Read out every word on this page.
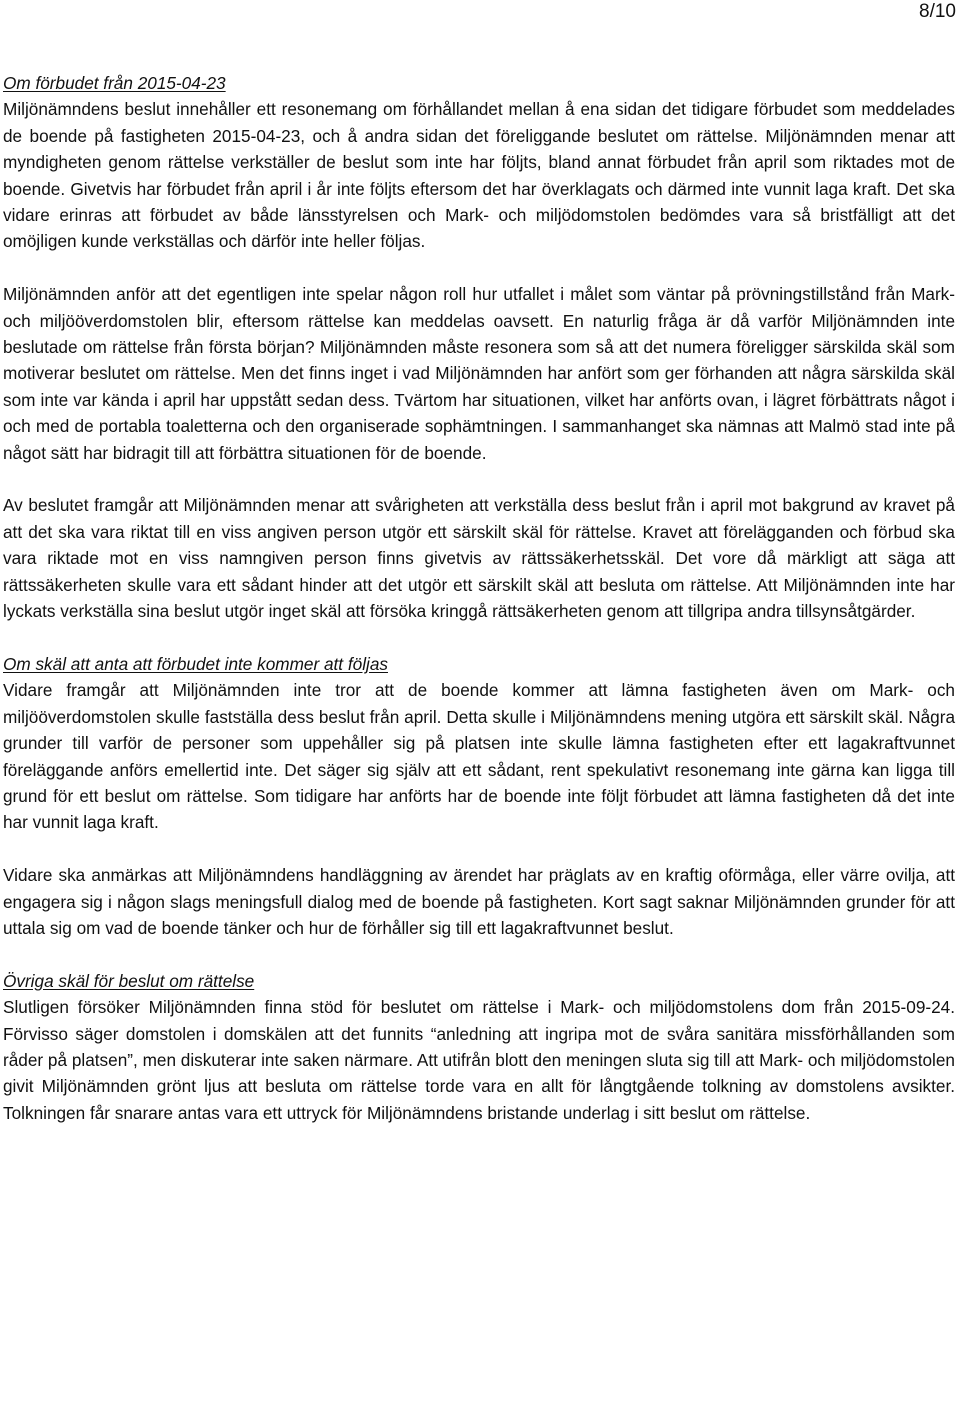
8/10
Om förbudet från 2015-04-23

Miljönämndens beslut innehåller ett resonemang om förhållandet mellan å ena sidan det tidigare förbudet som meddelades de boende på fastigheten 2015-04-23, och å andra sidan det föreliggande beslutet om rättelse. Miljönämnden menar att myndigheten genom rättelse verkställer de beslut som inte har följts, bland annat förbudet från april som riktades mot de boende. Givetvis har förbudet från april i år inte följts eftersom det har överklagats och därmed inte vunnit laga kraft. Det ska vidare erinras att förbudet av både länsstyrelsen och Mark- och miljödomstolen bedömdes vara så bristfälligt att det omöjligen kunde verkställas och därför inte heller följas.

Miljönämnden anför att det egentligen inte spelar någon roll hur utfallet i målet som väntar på prövningstillstånd från Mark- och miljööverdomstolen blir, eftersom rättelse kan meddelas oavsett. En naturlig fråga är då varför Miljönämnden inte beslutade om rättelse från första början? Miljönämnden måste resonera som så att det numera föreligger särskilda skäl som motiverar beslutet om rättelse. Men det finns inget i vad Miljönämnden har anfört som ger förhanden att några särskilda skäl som inte var kända i april har uppstått sedan dess. Tvärtom har situationen, vilket har anförts ovan, i lägret förbättrats något i och med de portabla toaletterna och den organiserade sophämtningen. I sammanhanget ska nämnas att Malmö stad inte på något sätt har bidragit till att förbättra situationen för de boende.

Av beslutet framgår att Miljönämnden menar att svårigheten att verkställa dess beslut från i april mot bakgrund av kravet på att det ska vara riktat till en viss angiven person utgör ett särskilt skäl för rättelse. Kravet att förelägganden och förbud ska vara riktade mot en viss namngiven person finns givetvis av rättssäkerhetsskäl. Det vore då märkligt att säga att rättssäkerheten skulle vara ett sådant hinder att det utgör ett särskilt skäl att besluta om rättelse. Att Miljönämnden inte har lyckats verkställa sina beslut utgör inget skäl att försöka kringgå rättsäkerheten genom att tillgripa andra tillsynsåtgärder.

Om skäl att anta att förbudet inte kommer att följas

Vidare framgår att Miljönämnden inte tror att de boende kommer att lämna fastigheten även om Mark- och miljööverdomstolen skulle fastställa dess beslut från april. Detta skulle i Miljönämndens mening utgöra ett särskilt skäl. Några grunder till varför de personer som uppehåller sig på platsen inte skulle lämna fastigheten efter ett lagakraftvunnet föreläggande anförs emellertid inte. Det säger sig själv att ett sådant, rent spekulativt resonemang inte gärna kan ligga till grund för ett beslut om rättelse. Som tidigare har anförts har de boende inte följt förbudet att lämna fastigheten då det inte har vunnit laga kraft.

Vidare ska anmärkas att Miljönämndens handläggning av ärendet har präglats av en kraftig oförmåga, eller värre ovilja, att engagera sig i någon slags meningsfull dialog med de boende på fastigheten. Kort sagt saknar Miljönämnden grunder för att uttala sig om vad de boende tänker och hur de förhåller sig till ett lagakraftvunnet beslut.

Övriga skäl för beslut om rättelse

Slutligen försöker Miljönämnden finna stöd för beslutet om rättelse i Mark- och miljödomstolens dom från 2015-09-24. Förvisso säger domstolen i domskälen att det funnits “anledning att ingripa mot de svåra sanitära missförhållanden som råder på platsen”, men diskuterar inte saken närmare. Att utifrån blott den meningen sluta sig till att Mark- och miljödomstolen givit Miljönämnden grönt ljus att besluta om rättelse torde vara en allt för långtgående tolkning av domstolens avsikter. Tolkningen får snarare antas vara ett uttryck för Miljönämndens bristande underlag i sitt beslut om rättelse.
